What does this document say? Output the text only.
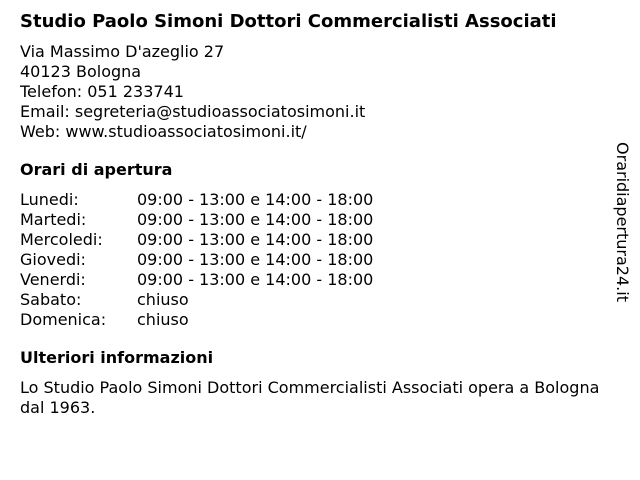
Studio Paolo Simoni Dottori Commercialisti Associati
Via Massimo D'azeglio 27
40123 Bologna
Telefon: 051 233741
Email: segreteria@studioassociatosimoni.it
Web: www.studioassociatosimoni.it/
Orari di apertura
Lunedi:	09:00 - 13:00 e 14:00 - 18:00
Martedi:	09:00 - 13:00 e 14:00 - 18:00
Mercoledi:	09:00 - 13:00 e 14:00 - 18:00
Giovedi:	09:00 - 13:00 e 14:00 - 18:00
Venerdi:	09:00 - 13:00 e 14:00 - 18:00
Sabato:	chiuso
Domenica:	chiuso
Ulteriori informazioni
Lo Studio Paolo Simoni Dottori Commercialisti Associati opera a Bologna dal 1963.
Oraridiapertura24.it
